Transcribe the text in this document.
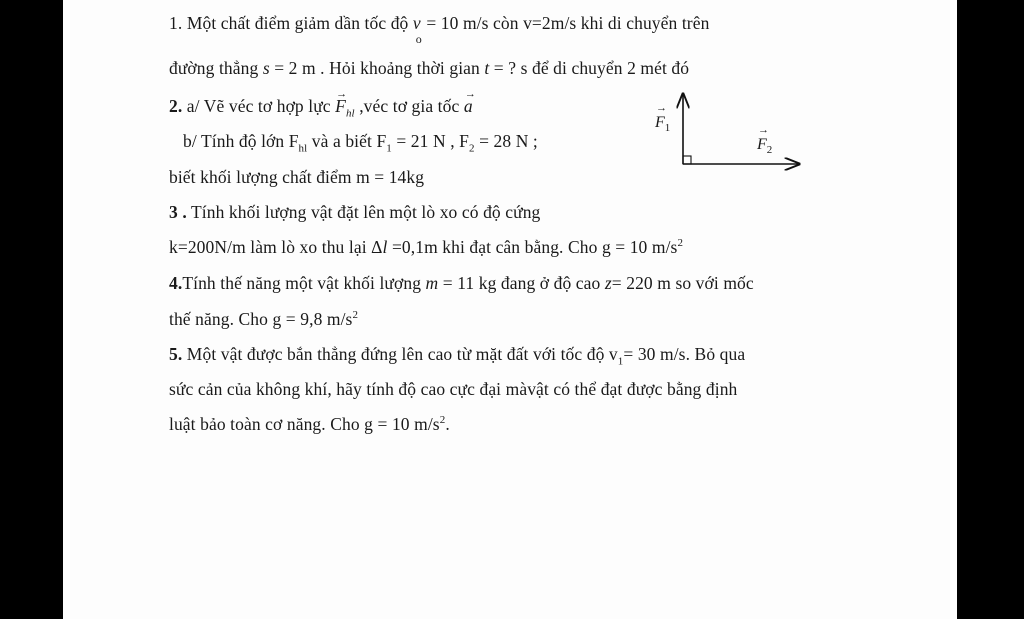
1. Một chất điểm giảm dần tốc độ $v_o = 10$ m/s còn v=2m/s khi di chuyển trên
đường thẳng s = 2 m . Hỏi khoảng thời gian t = ? s để di chuyển 2 mét đó
2. a/ Vẽ véc tơ hợp lực → $F_{hl}$ ,véc tơ gia tốc → a
b/ Tính độ lớn $F_{hl}$ và a biết $F_1 = 21$ N , $F_2 = 28$ N ;
biết khối lượng chất điểm m = 14kg
→ $F_1$
→ $F_2$
3 . Tính khối lượng vật đặt lên một lò xo có độ cứng
k=200N/m làm lò xo thu lại Δl =0,1m khi đạt cân bằng. Cho g = 10 $m/s^2$
4.Tính thế năng một vật khối lượng m = 11 kg đang ở độ cao z= 220 m so với mốc
thế năng. Cho g = 9,8 $m/s^2$
5. Một vật được bắn thẳng đứng lên cao từ mặt đất với tốc độ $v_1= 30$ m/s. Bỏ qua
sức cản của không khí, hãy tính độ cao cực đại màvật có thể đạt được bằng định
luật bảo toàn cơ năng. Cho g = 10 $m/s^2$.
